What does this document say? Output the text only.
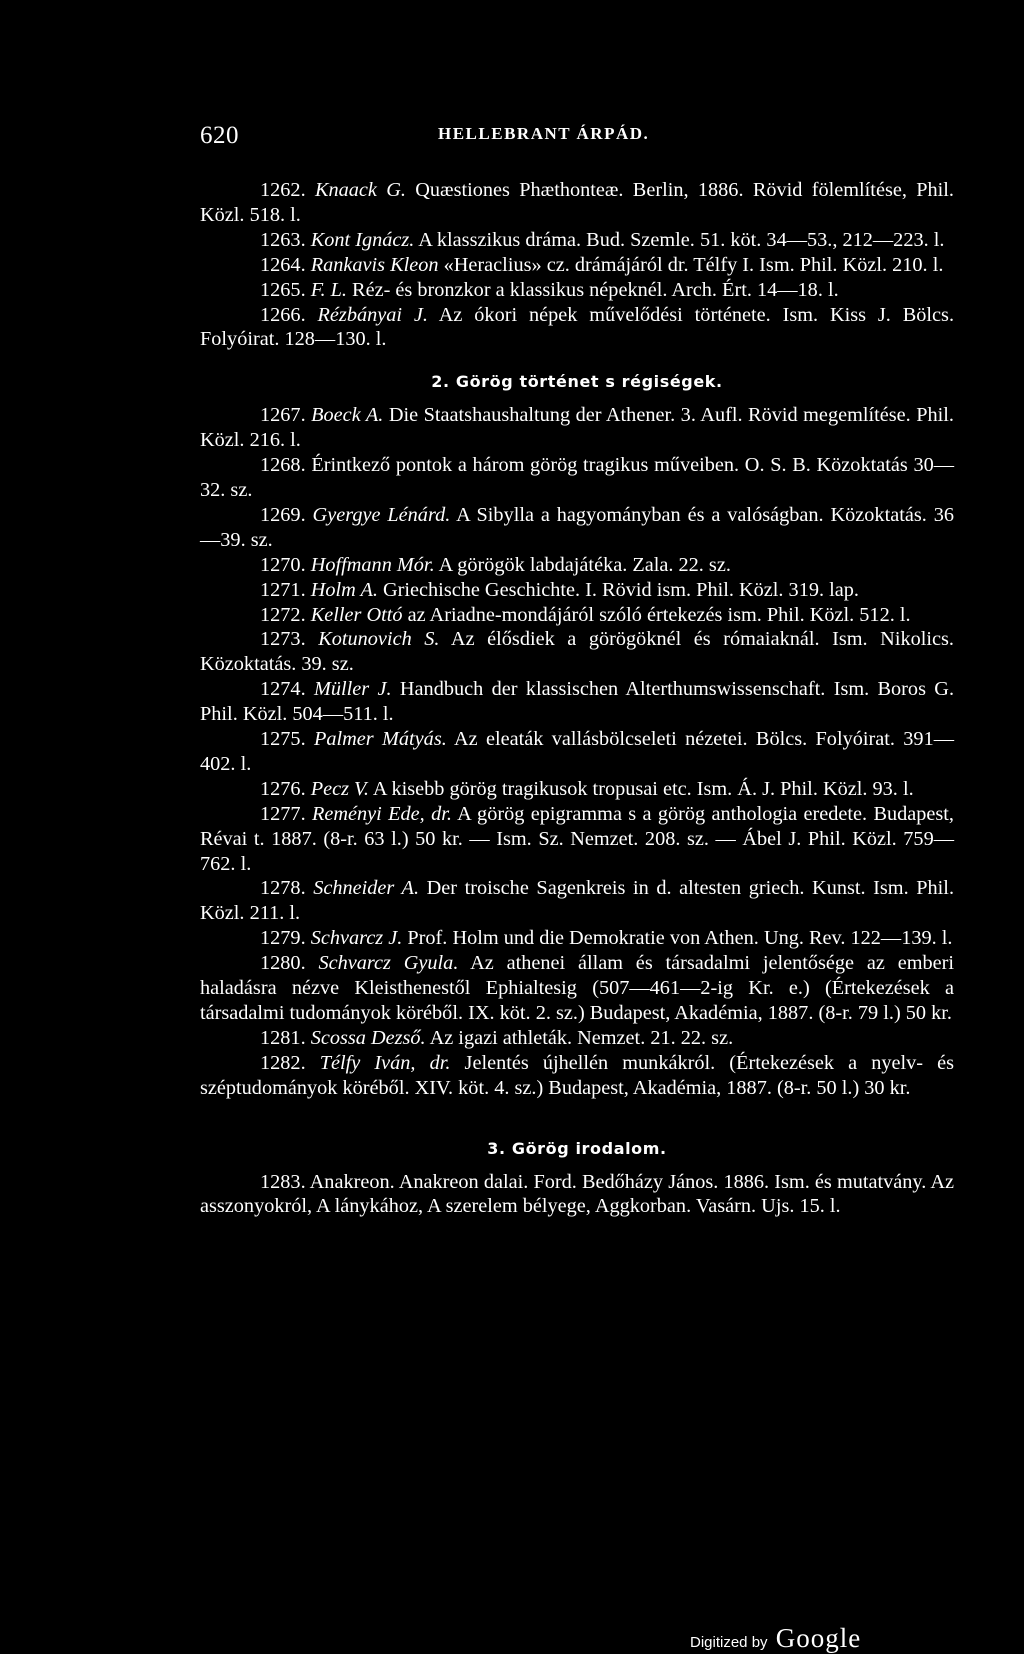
620	HELLEBRANT ÁRPÁD.

1262. Knaack G. Quæstiones Phæthonteæ. Berlin, 1886. Rövid fölemlítése, Phil. Közl. 518. l.

1263. Kont Ignácz. A klasszikus dráma. Bud. Szemle. 51. köt. 34—53., 212—223. l.

1264. Rankavis Kleon «Heraclius» cz. drámájáról dr. Télfy I. Ism. Phil. Közl. 210. l.

1265. F. L. Réz- és bronzkor a klassikus népeknél. Arch. Ért. 14—18. l.

1266. Rézbányai J. Az ókori népek művelődési története. Ism. Kiss J. Bölcs. Folyóirat. 128—130. l.

2. Görög történet s régiségek.

1267. Boeck A. Die Staatshaushaltung der Athener. 3. Aufl. Rövid megemlítése. Phil. Közl. 216. l.

1268. Érintkező pontok a három görög tragikus műveiben. O. S. B. Közoktatás 30—32. sz.

1269. Gyergye Lénárd. A Sibylla a hagyományban és a valóságban. Közoktatás. 36—39. sz.

1270. Hoffmann Mór. A görögök labdajátéka. Zala. 22. sz.

1271. Holm A. Griechische Geschichte. I. Rövid ism. Phil. Közl. 319. lap.

1272. Keller Ottó az Ariadne-mondájáról szóló értekezés ism. Phil. Közl. 512. l.

1273. Kotunovich S. Az élősdiek a görögöknél és rómaiaknál. Ism. Nikolics. Közoktatás. 39. sz.

1274. Müller J. Handbuch der klassischen Alterthumswissenschaft. Ism. Boros G. Phil. Közl. 504—511. l.

1275. Palmer Mátyás. Az eleaták vallásbölcseleti nézetei. Bölcs. Folyóirat. 391—402. l.

1276. Pecz V. A kisebb görög tragikusok tropusai etc. Ism. Á. J. Phil. Közl. 93. l.

1277. Reményi Ede, dr. A görög epigramma s a görög anthologia eredete. Budapest, Révai t. 1887. (8-r. 63 l.) 50 kr. — Ism. Sz. Nemzet. 208. sz. — Ábel J. Phil. Közl. 759—762. l.

1278. Schneider A. Der troische Sagenkreis in d. altesten griech. Kunst. Ism. Phil. Közl. 211. l.

1279. Schvarcz J. Prof. Holm und die Demokratie von Athen. Ung. Rev. 122—139. l.

1280. Schvarcz Gyula. Az athenei állam és társadalmi jelentősége az emberi haladásra nézve Kleisthenestől Ephialtesig (507—461—2-ig Kr. e.) (Értekezések a társadalmi tudományok köréből. IX. köt. 2. sz.) Budapest, Akadémia, 1887. (8-r. 79 l.) 50 kr.

1281. Scossa Dezső. Az igazi athleták. Nemzet. 21. 22. sz.

1282. Télfy Iván, dr. Jelentés újhellén munkákról. (Értekezések a nyelv- és széptudományok köréből. XIV. köt. 4. sz.) Budapest, Akadémia, 1887. (8-r. 50 l.) 30 kr.

3. Görög irodalom.

1283. Anakreon. Anakreon dalai. Ford. Bedőházy János. 1886. Ism. és mutatvány. Az asszonyokról, A lánykához, A szerelem bélyege, Aggkorban. Vasárn. Ujs. 15. l.

Digitized by Google
